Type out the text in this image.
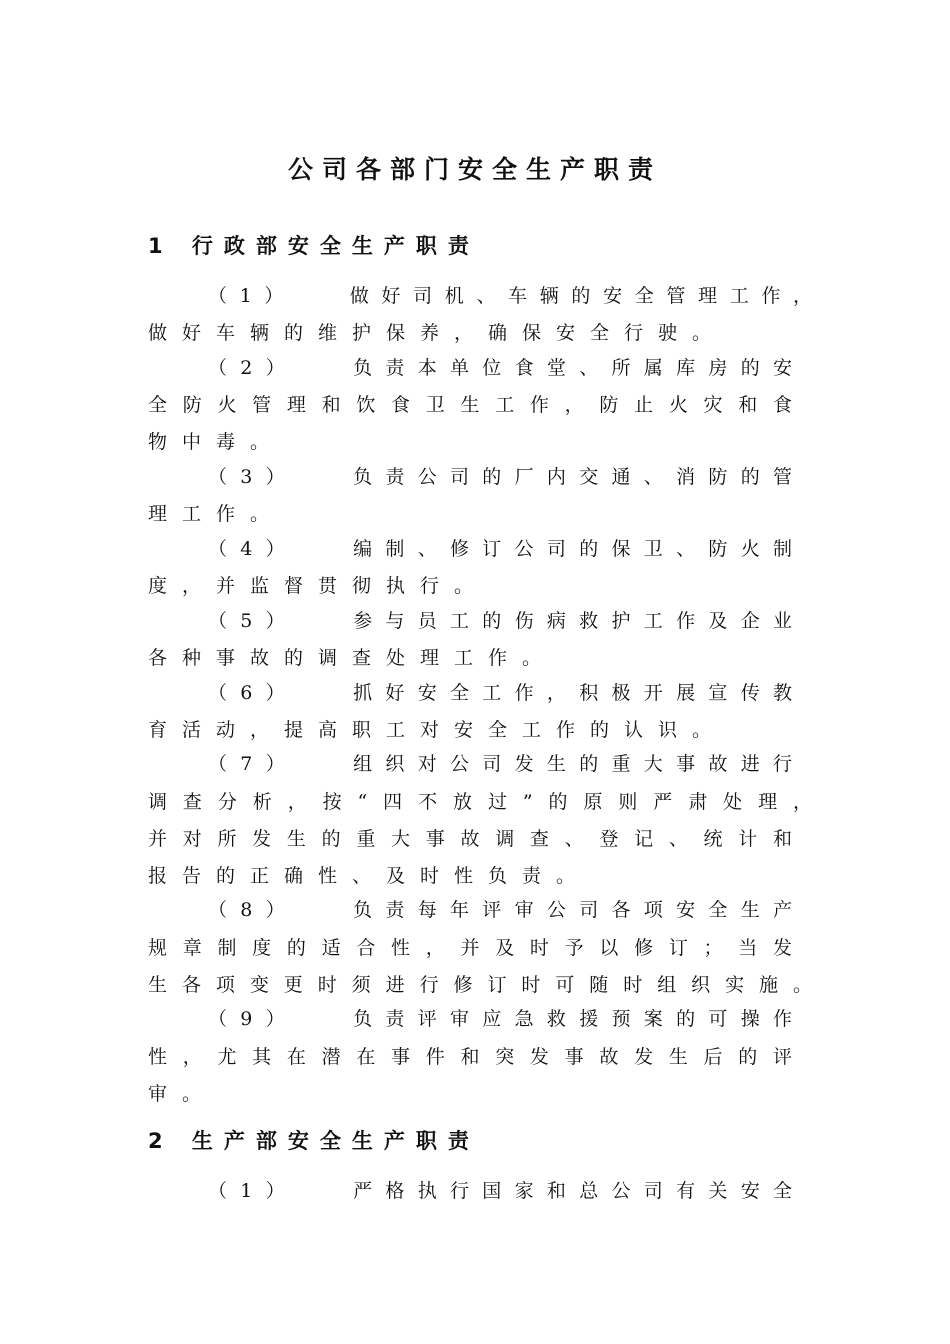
公司各部门安全生产职责
1 行政部安全生产职责
（1）　　做好司机、车辆的安全管理工作，
做好车辆的维护保养，确保安全行驶。
（2）　　负责本单位食堂、所属库房的安
全防火管理和饮食卫生工作，防止火灾和食
物中毒。
（3）　　负责公司的厂内交通、消防的管
理工作。
（4）　　编制、修订公司的保卫、防火制
度，并监督贯彻执行。
（5）　　参与员工的伤病救护工作及企业
各种事故的调查处理工作。
（6）　　抓好安全工作，积极开展宣传教
育活动，提高职工对安全工作的认识。
（7）　　组织对公司发生的重大事故进行
调查分析，按“四不放过”的原则严肃处理，
并对所发生的重大事故调查、登记、统计和
报告的正确性、及时性负责。
（8）　　负责每年评审公司各项安全生产
规章制度的适合性，并及时予以修订；当发
生各项变更时须进行修订时可随时组织实施。
（9）　　负责评审应急救援预案的可操作
性，尤其在潜在事件和突发事故发生后的评
审。
2 生产部安全生产职责
（1）　　严格执行国家和总公司有关安全
